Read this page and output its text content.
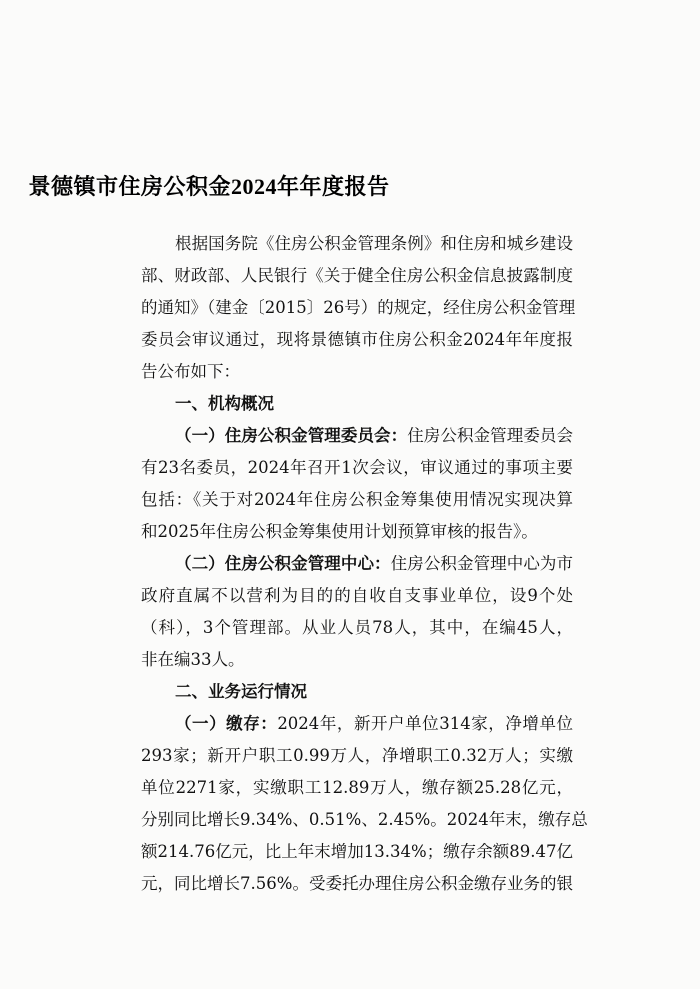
景德镇市住房公积金2024年年度报告
根据国务院《住房公积金管理条例》和住房和城乡建设
部、财政部、人民银行《关于健全住房公积金信息披露制度
的通知》（建金〔2015〕26号）的规定，经住房公积金管理
委员会审议通过，现将景德镇市住房公积金2024年年度报
告公布如下：
一、机构概况
（一）住房公积金管理委员会：住房公积金管理委员会
有23名委员，2024年召开1次会议，审议通过的事项主要
包括：《关于对2024年住房公积金筹集使用情况实现决算
和2025年住房公积金筹集使用计划预算审核的报告》。
（二）住房公积金管理中心：住房公积金管理中心为市
政府直属不以营利为目的的自收自支事业单位，设9个处
（科），3个管理部。从业人员78人，其中，在编45人，
非在编33人。
二、业务运行情况
（一）缴存：2024年，新开户单位314家，净增单位
293家；新开户职工0.99万人，净增职工0.32万人；实缴
单位2271家，实缴职工12.89万人，缴存额25.28亿元，
分别同比增长9.34%、0.51%、2.45%。2024年末，缴存总
额214.76亿元，比上年末增加13.34%；缴存余额89.47亿
元，同比增长7.56%。受委托办理住房公积金缴存业务的银
